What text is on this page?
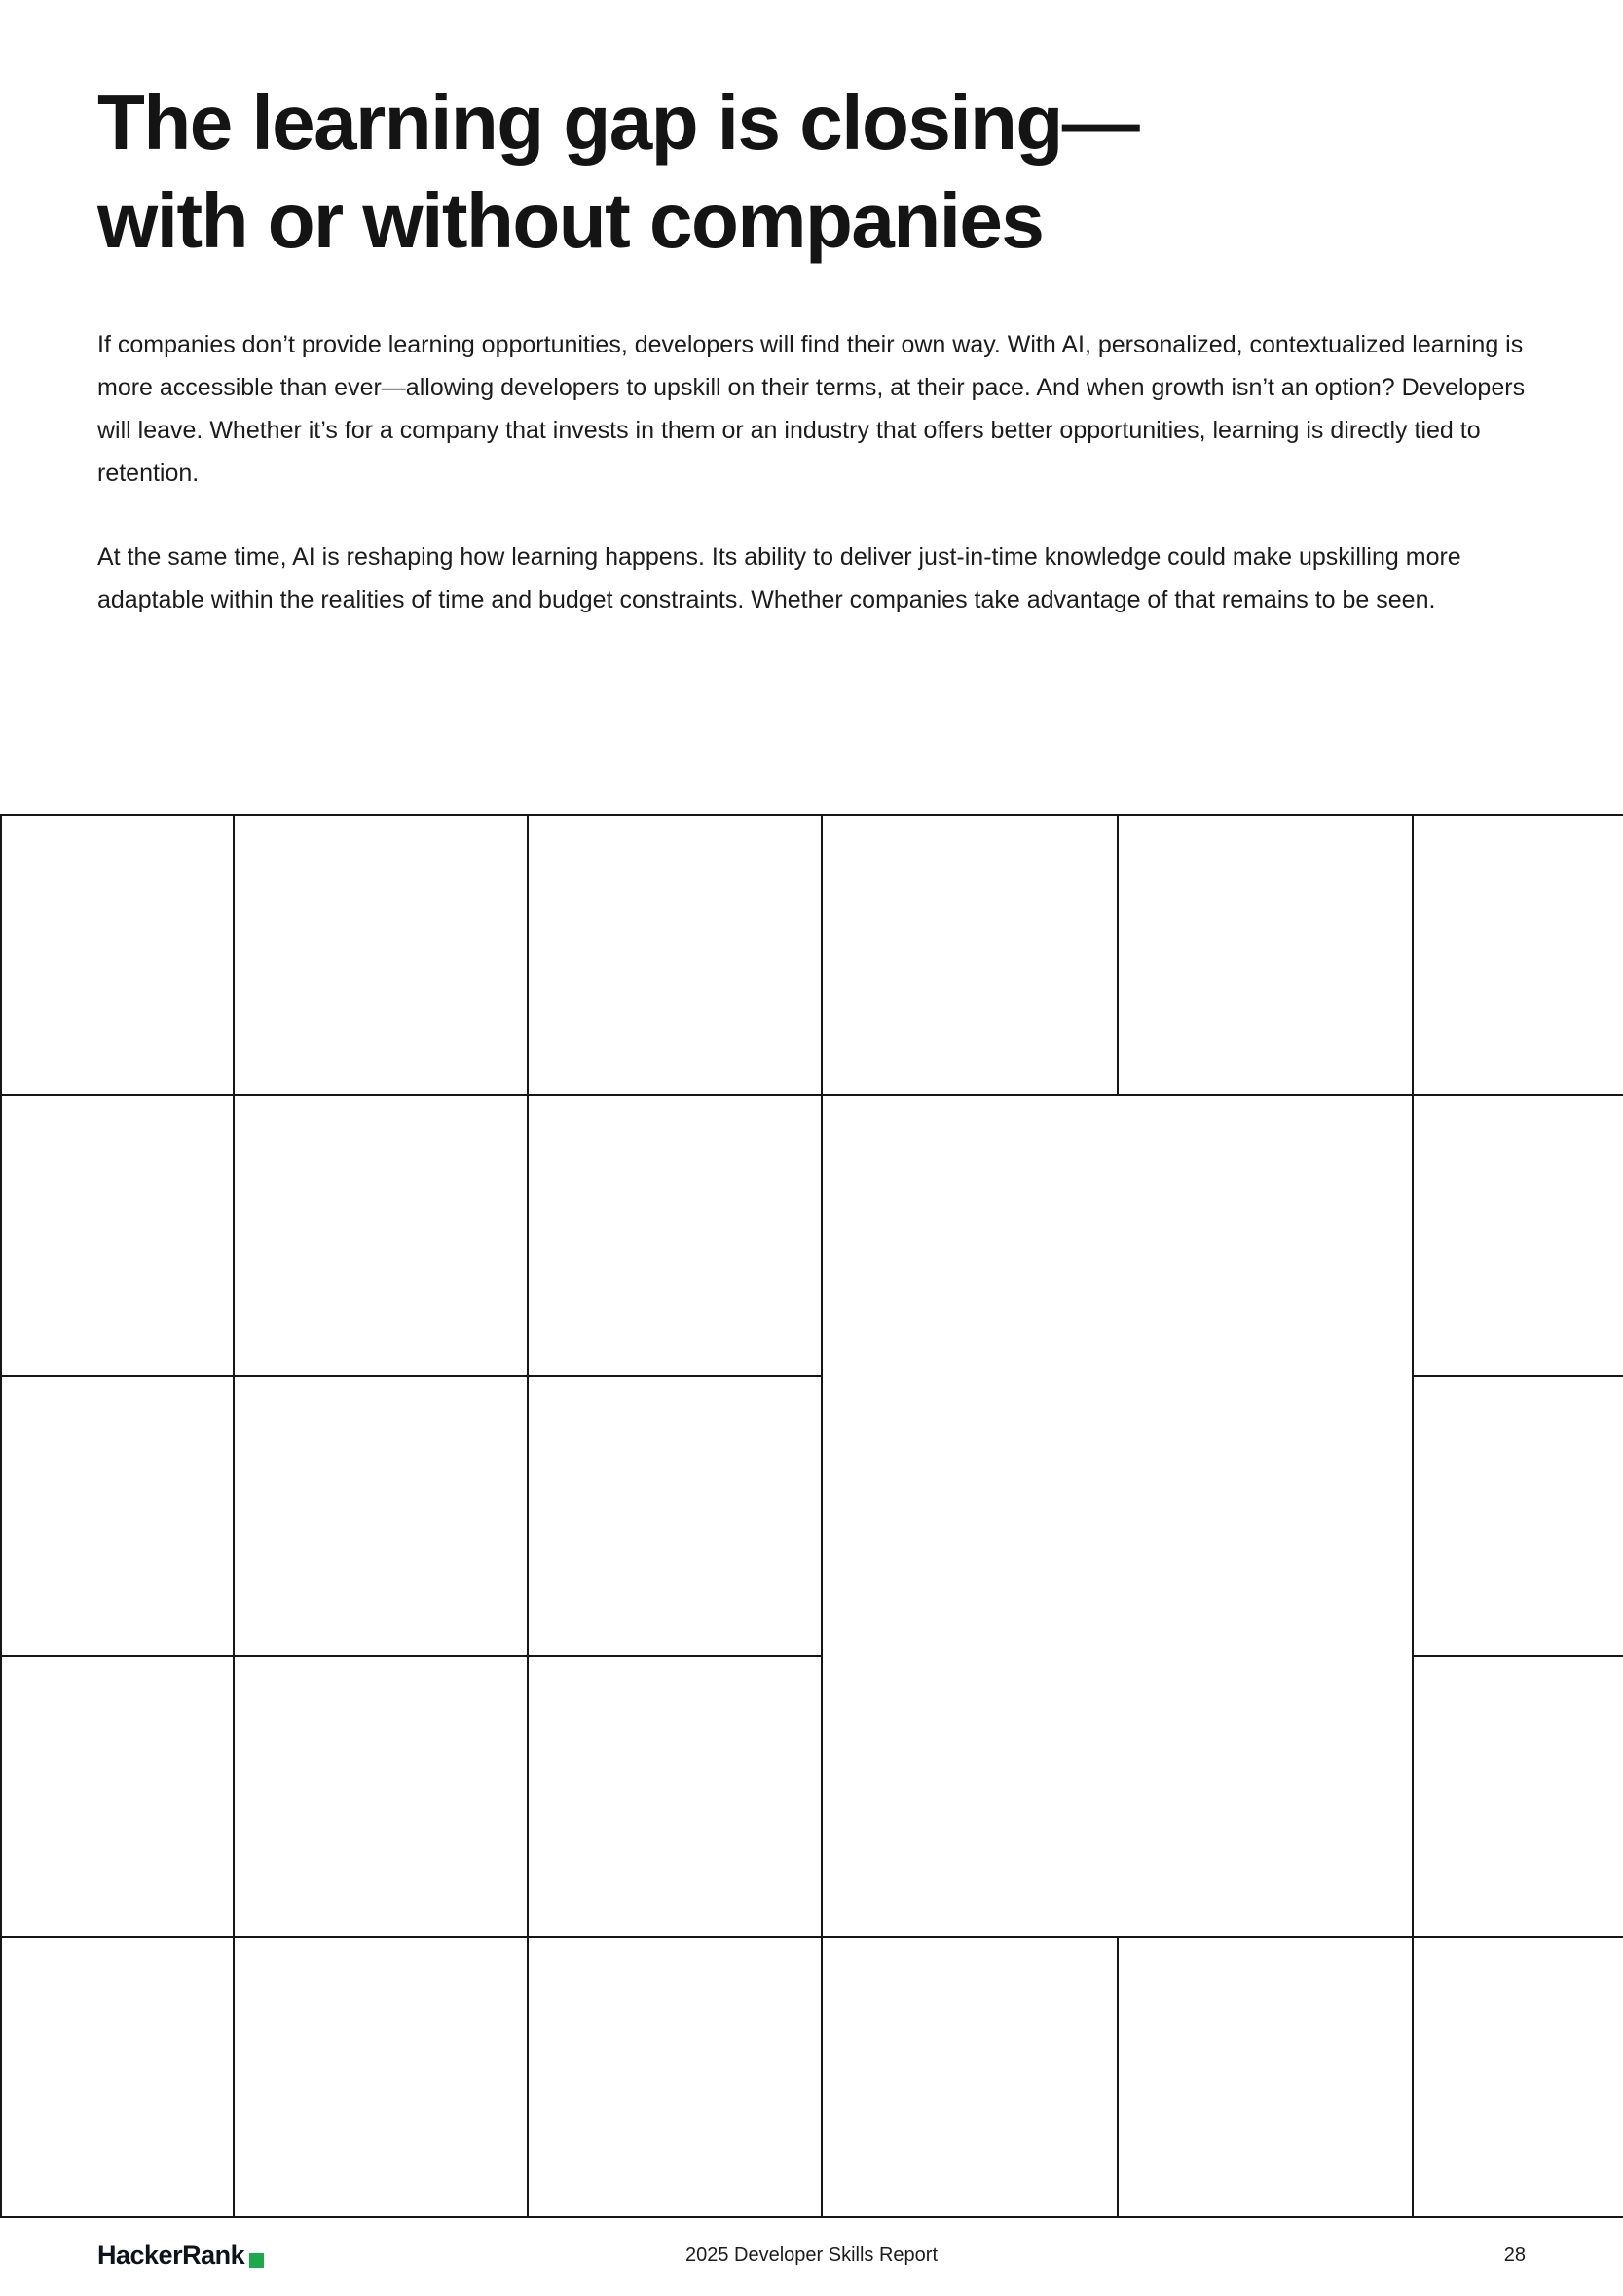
The learning gap is closing—
with or without companies

If companies don’t provide learning opportunities, developers will find their own way. With AI, personalized, contextualized learning is more accessible than ever—allowing developers to upskill on their terms, at their pace. And when growth isn’t an option? Developers will leave. Whether it’s for a company that invests in them or an industry that offers better opportunities, learning is directly tied to retention.

At the same time, AI is reshaping how learning happens. Its ability to deliver just-in-time knowledge could make upskilling more adaptable within the realities of time and budget constraints. Whether companies take advantage of that remains to be seen.

HackerRank	2025 Developer Skills Report	28
